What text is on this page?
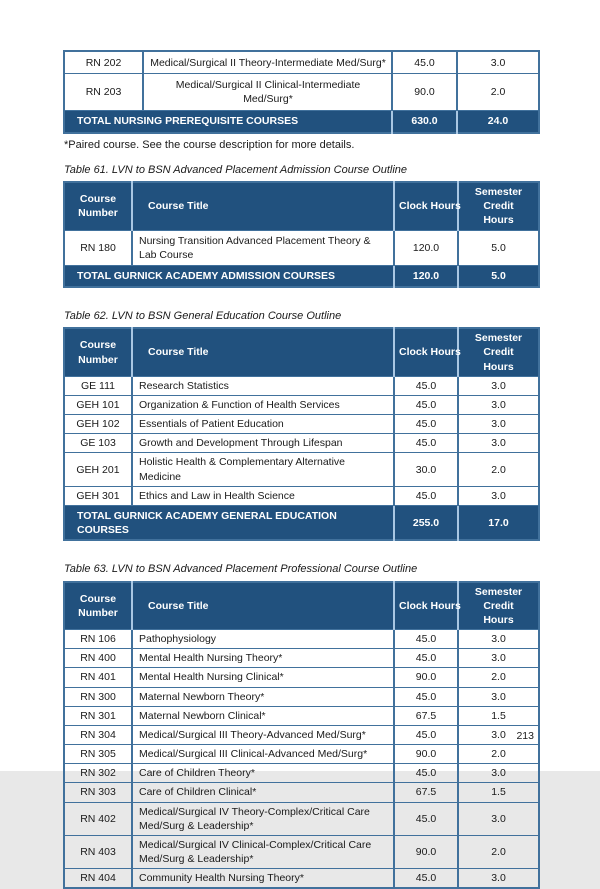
RN 202	Medical/Surgical II Theory-Intermediate Med/Surg*	45.0	3.0
RN 203	Medical/Surgical II Clinical-Intermediate Med/Surg*	90.0	2.0
TOTAL NURSING PREREQUISITE COURSES		630.0	24.0

*Paired course. See the course description for more details.

Table 61. LVN to BSN Advanced Placement Admission Course Outline

Course Number	Course Title	Clock Hours	Semester Credit Hours
RN 180	Nursing Transition Advanced Placement Theory & Lab Course	120.0	5.0
TOTAL GURNICK ACADEMY ADMISSION COURSES		120.0	5.0

Table 62. LVN to BSN General Education Course Outline

Course Number	Course Title	Clock Hours	Semester Credit Hours
GE 111	Research Statistics	45.0	3.0
GEH 101	Organization & Function of Health Services	45.0	3.0
GEH 102	Essentials of Patient Education	45.0	3.0
GE 103	Growth and Development Through Lifespan	45.0	3.0
GEH 201	Holistic Health & Complementary Alternative Medicine	30.0	2.0
GEH 301	Ethics and Law in Health Science	45.0	3.0
TOTAL GURNICK ACADEMY GENERAL EDUCATION COURSES		255.0	17.0

Table 63. LVN to BSN Advanced Placement Professional Course Outline

Course Number	Course Title	Clock Hours	Semester Credit Hours
RN 106	Pathophysiology	45.0	3.0
RN 400	Mental Health Nursing Theory*	45.0	3.0
RN 401	Mental Health Nursing Clinical*	90.0	2.0
RN 300	Maternal Newborn Theory*	45.0	3.0
RN 301	Maternal Newborn Clinical*	67.5	1.5
RN 304	Medical/Surgical III Theory-Advanced Med/Surg*	45.0	3.0
RN 305	Medical/Surgical III Clinical-Advanced Med/Surg*	90.0	2.0
RN 302	Care of Children Theory*	45.0	3.0
RN 303	Care of Children Clinical*	67.5	1.5
RN 402	Medical/Surgical IV Theory-Complex/Critical Care Med/Surg & Leadership*	45.0	3.0
RN 403	Medical/Surgical IV Clinical-Complex/Critical Care Med/Surg & Leadership*	90.0	2.0
RN 404	Community Health Nursing Theory*	45.0	3.0
213
